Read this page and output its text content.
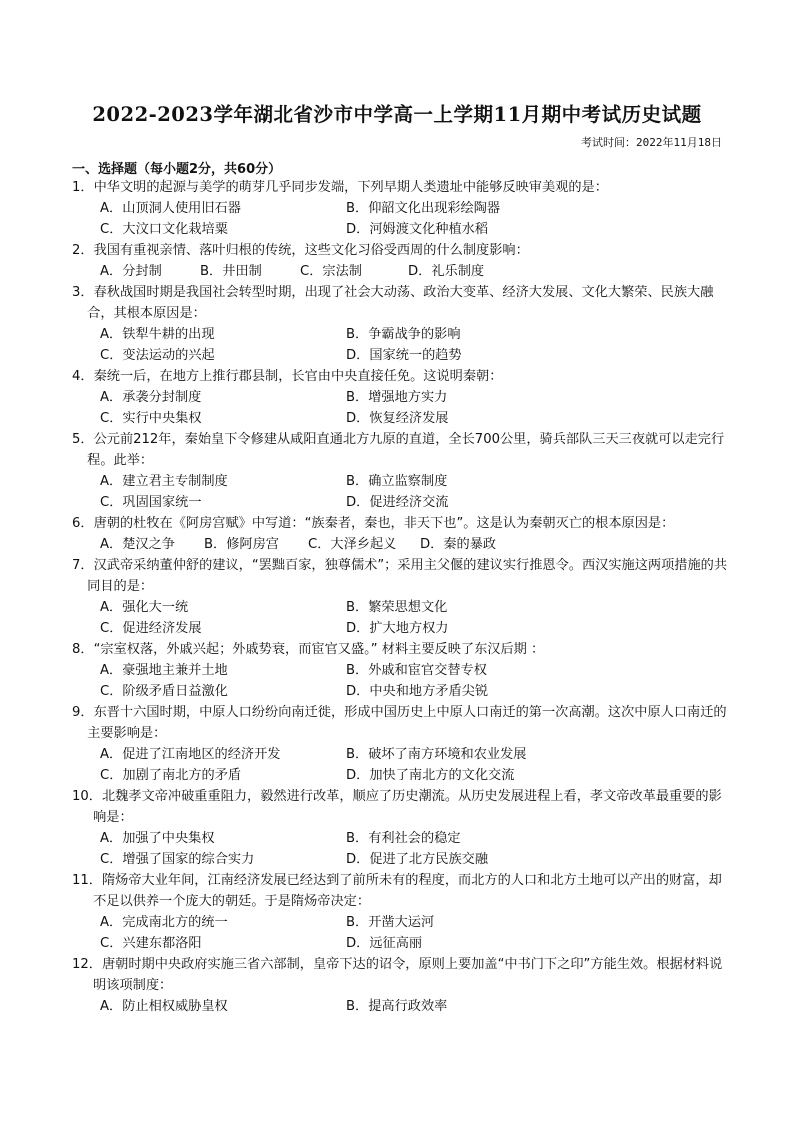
2022-2023学年湖北省沙市中学高一上学期11月期中考试历史试题
考试时间：2022年11月18日
一、选择题（每小题2分，共60分）
1．中华文明的起源与美学的萌芽几乎同步发端，下列早期人类遗址中能够反映审美观的是：
A．山顶洞人使用旧石器	B．仰韶文化出现彩绘陶器
C．大汶口文化栽培粟	D．河姆渡文化种植水稻
2．我国有重视亲情、落叶归根的传统，这些文化习俗受西周的什么制度影响：
A．分封制	B．井田制	C．宗法制	D．礼乐制度
3．春秋战国时期是我国社会转型时期，出现了社会大动荡、政治大变革、经济大发展、文化大繁荣、民族大融合，其根本原因是：
A．铁犁牛耕的出现	B．争霸战争的影响
C．变法运动的兴起	D．国家统一的趋势
4．秦统一后，在地方上推行郡县制，长官由中央直接任免。这说明秦朝：
A．承袭分封制度	B．增强地方实力
C．实行中央集权	D．恢复经济发展
5．公元前212年，秦始皇下令修建从咸阳直通北方九原的直道，全长700公里，骑兵部队三天三夜就可以走完行程。此举：
A．建立君主专制制度	B．确立监察制度
C．巩固国家统一	D．促进经济交流
6．唐朝的杜牧在《阿房宫赋》中写道：“族秦者，秦也，非天下也”。这是认为秦朝灭亡的根本原因是：
A．楚汉之争 B．修阿房宫 C．大泽乡起义 D．秦的暴政
7．汉武帝采纳董仲舒的建议，“罢黜百家，独尊儒术”；采用主父偃的建议实行推恩令。西汉实施这两项措施的共同目的是：
A．强化大一统	B．繁荣思想文化
C．促进经济发展	D．扩大地方权力
8．“宗室权落，外戚兴起；外戚势衰，而宦官又盛。” 材料主要反映了东汉后期 ：
A．豪强地主兼并土地	B．外戚和宦官交替专权
C．阶级矛盾日益激化	D．中央和地方矛盾尖锐
9．东晋十六国时期，中原人口纷纷向南迁徙，形成中国历史上中原人口南迁的第一次高潮。这次中原人口南迁的主要影响是：
A．促进了江南地区的经济开发	B．破坏了南方环境和农业发展
C．加剧了南北方的矛盾	D．加快了南北方的文化交流
10．北魏孝文帝冲破重重阻力，毅然进行改革，顺应了历史潮流。从历史发展进程上看，孝文帝改革最重要的影响是：
A．加强了中央集权	B．有利社会的稳定
C．增强了国家的综合实力	D．促进了北方民族交融
11．隋炀帝大业年间，江南经济发展已经达到了前所未有的程度，而北方的人口和北方土地可以产出的财富，却不足以供养一个庞大的朝廷。于是隋炀帝决定：
A．完成南北方的统一	B．开凿大运河
C．兴建东都洛阳	D．远征高丽
12．唐朝时期中央政府实施三省六部制，皇帝下达的诏令，原则上要加盖“中书门下之印”方能生效。根据材料说明该项制度：
A．防止相权威胁皇权	B．提高行政效率
